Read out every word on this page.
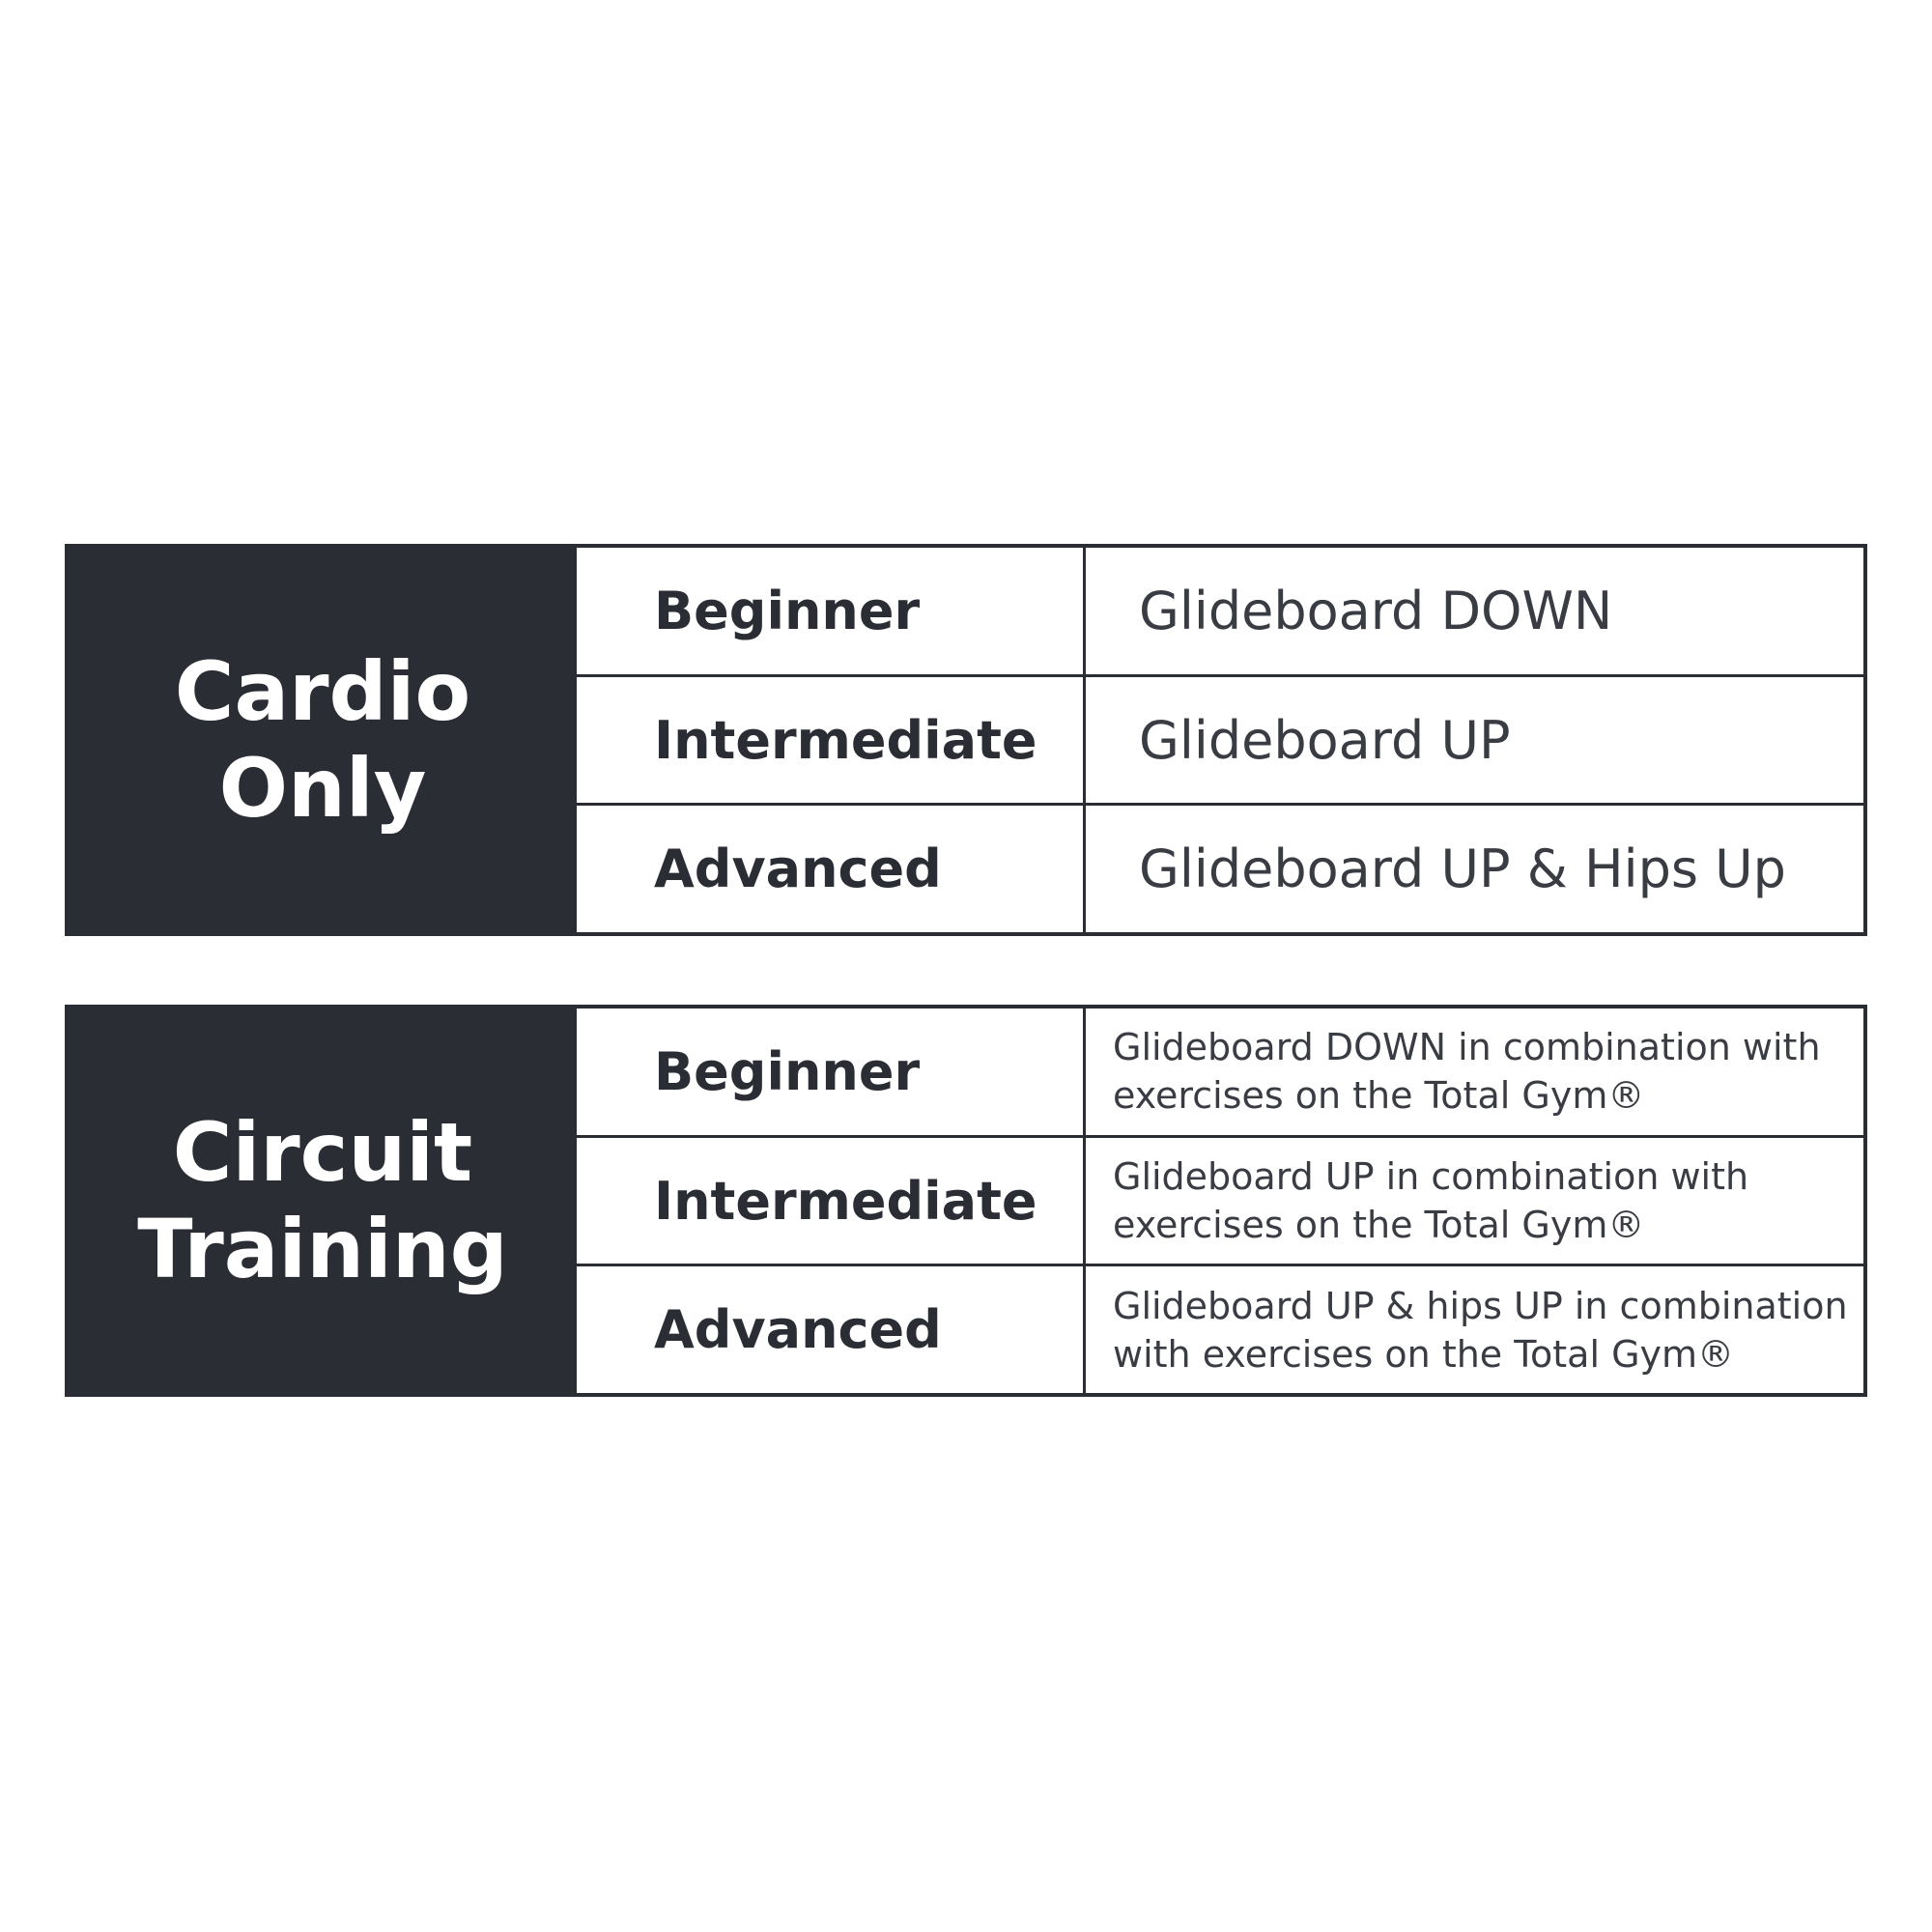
Cardio
Only
Beginner	Glideboard DOWN
Intermediate Glideboard UP
Advanced	Glideboard UP & Hips Up
Circuit
Training
Beginner	Glideboard DOWN in combination with
exercises on the Total Gym®
Intermediate Glideboard UP in combination with
exercises on the Total Gym®
Advanced	Glideboard UP & hips UP in combination
with exercises on the Total Gym®
